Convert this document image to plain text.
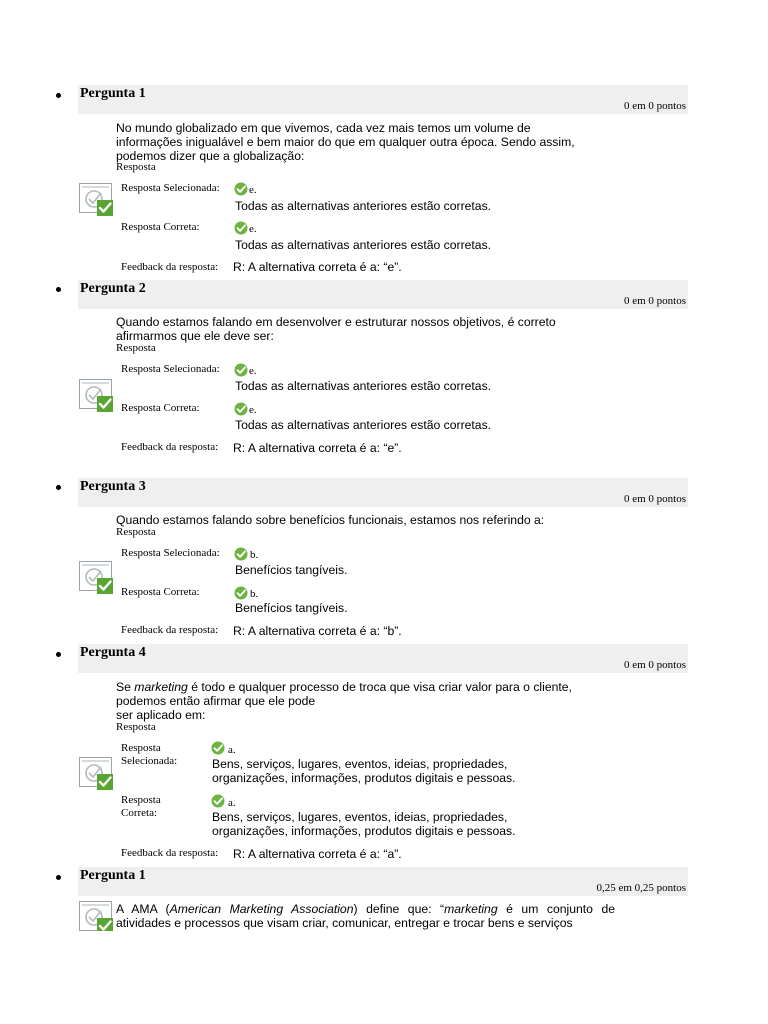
Pergunta 1
0 em 0 pontos
No mundo globalizado em que vivemos, cada vez mais temos um volume de
informações inigualável e bem maior do que em qualquer outra época. Sendo assim,
podemos dizer que a globalização:
Resposta
Resposta Selecionada:	e.
Todas as alternativas anteriores estão corretas.
Resposta Correta:	e.
Todas as alternativas anteriores estão corretas.
Feedback da resposta: R: A alternativa correta é a: “e”.
Pergunta 2
0 em 0 pontos
Quando estamos falando em desenvolver e estruturar nossos objetivos, é correto
afirmarmos que ele deve ser:
Resposta
Resposta Selecionada:	e.
Todas as alternativas anteriores estão corretas.
Resposta Correta:	e.
Todas as alternativas anteriores estão corretas.
Feedback da resposta: R: A alternativa correta é a: “e”.
Pergunta 3
0 em 0 pontos
Quando estamos falando sobre benefícios funcionais, estamos nos referindo a:
Resposta
Resposta Selecionada:	b.
Benefícios tangíveis.
Resposta Correta:	b.
Benefícios tangíveis.
Feedback da resposta: R: A alternativa correta é a: “b”.
Pergunta 4
0 em 0 pontos
Se marketing é todo e qualquer processo de troca que visa criar valor para o cliente,
podemos então afirmar que ele pode
ser aplicado em:
Resposta
Resposta
Selecionada:
a.
Bens, serviços, lugares, eventos, ideias, propriedades,
organizações, informações, produtos digitais e pessoas.
Resposta
Correta:
a.
Bens, serviços, lugares, eventos, ideias, propriedades,
organizações, informações, produtos digitais e pessoas.
Feedback da resposta: R: A alternativa correta é a: “a”.
Pergunta 1
0,25 em 0,25 pontos
A AMA (American Marketing Association) define que: “marketing é um conjunto de
atividades e processos que visam criar, comunicar, entregar e trocar bens e serviços
